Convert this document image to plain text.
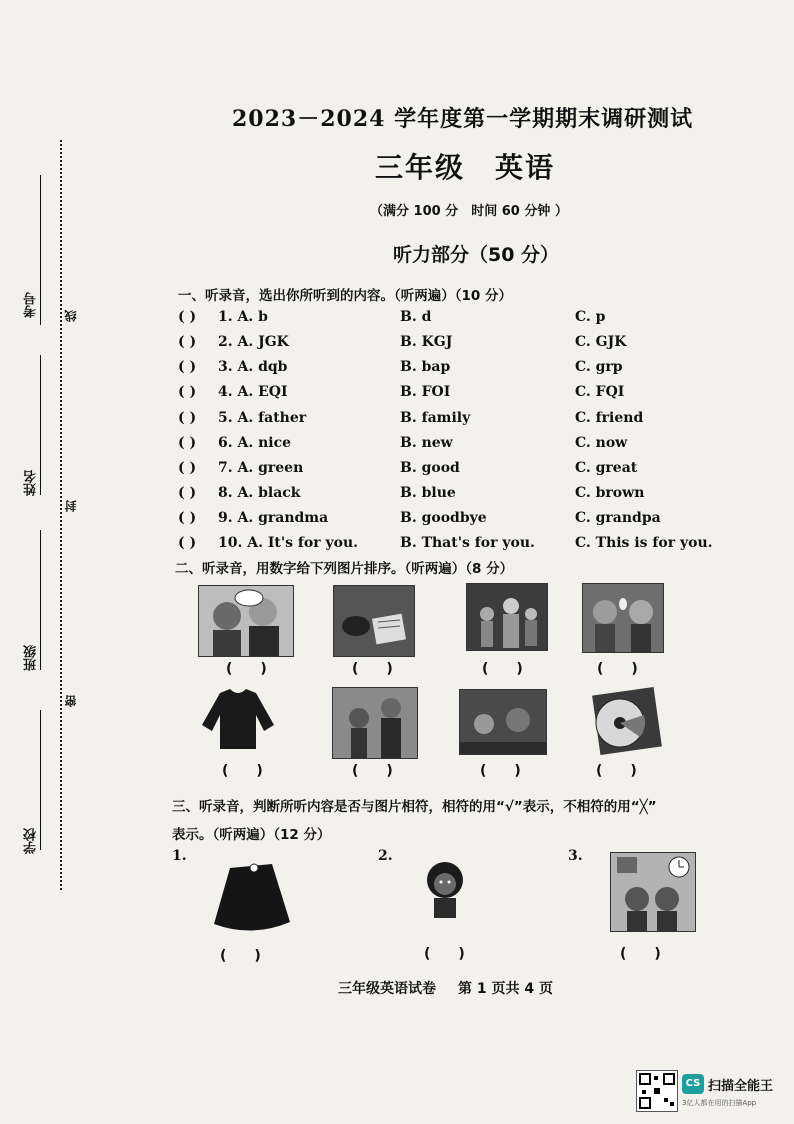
考号
姓名
班级
学校
线
封
密
2023－2024 学年度第一学期期末调研测试
三年级 英语
（满分 100 分　时间 60 分钟 ）
听力部分（50 分）
一、听录音，选出你所听到的内容。（听两遍）（10 分）
( ) 1. A. b	B. d	C. p
( ) 2. A. JGK	B. KGJ	C. GJK
( ) 3. A. dqb	B. bap	C. grp
( ) 4. A. EQI	B. FOI	C. FQI
( ) 5. A. father	B. family	C. friend
( ) 6. A. nice	B. new	C. now
( ) 7. A. green	B. good	C. great
( ) 8. A. black	B. blue	C. brown
( ) 9. A. grandma	B. goodbye	C. grandpa
( ) 10. A. It's for you.	B. That's for you.	C. This is for you.
二、听录音，用数字给下列图片排序。（听两遍）（8 分）
( )	( )	( )	( )
( )	( )	( )	( )
三、听录音，判断所听内容是否与图片相符，相符的用“√”表示，不相符的用“╳”
表示。（听两遍）（12 分）
1.	2.	3.
( )	( )	( )
三年级英语试卷 第 1 页共 4 页
CS 扫描全能王
3亿人都在用的扫描App
